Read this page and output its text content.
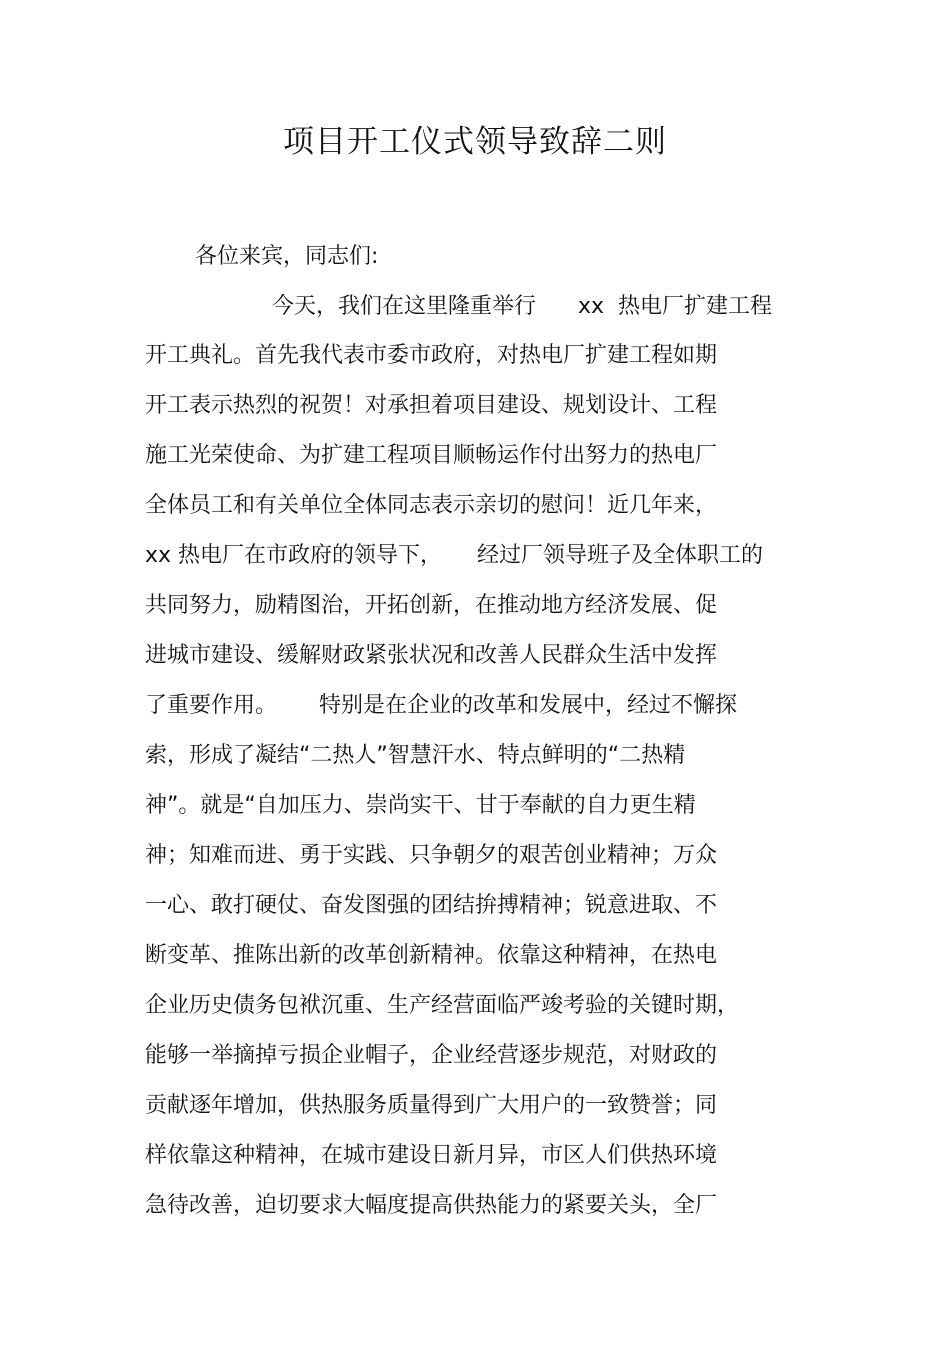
项目开工仪式领导致辞二则
各位来宾，同志们:
今天，我们在这里隆重举行      xx  热电厂扩建工程
开工典礼。首先我代表市委市政府，对热电厂扩建工程如期
开工表示热烈的祝贺！对承担着项目建设、规划设计、工程
施工光荣使命、为扩建工程项目顺畅运作付出努力的热电厂
全体员工和有关单位全体同志表示亲切的慰问！近几年来，
xx 热电厂在市政府的领导下，     经过厂领导班子及全体职工的
共同努力，励精图治，开拓创新，在推动地方经济发展、促
进城市建设、缓解财政紧张状况和改善人民群众生活中发挥
了重要作用。      特别是在企业的改革和发展中，经过不懈探
索，形成了凝结“二热人”智慧汗水、特点鲜明的“二热精
神”。就是“自加压力、崇尚实干、甘于奉献的自力更生精
神；知难而进、勇于实践、只争朝夕的艰苦创业精神；万众
一心、敢打硬仗、奋发图强的团结拚搏精神；锐意进取、不
断变革、推陈出新的改革创新精神。依靠这种精神，在热电
企业历史债务包袱沉重、生产经营面临严竣考验的关键时期，
能够一举摘掉亏损企业帽子，企业经营逐步规范，对财政的
贡献逐年增加，供热服务质量得到广大用户的一致赞誉；同
样依靠这种精神，在城市建设日新月异，市区人们供热环境
急待改善，迫切要求大幅度提高供热能力的紧要关头，全厂
